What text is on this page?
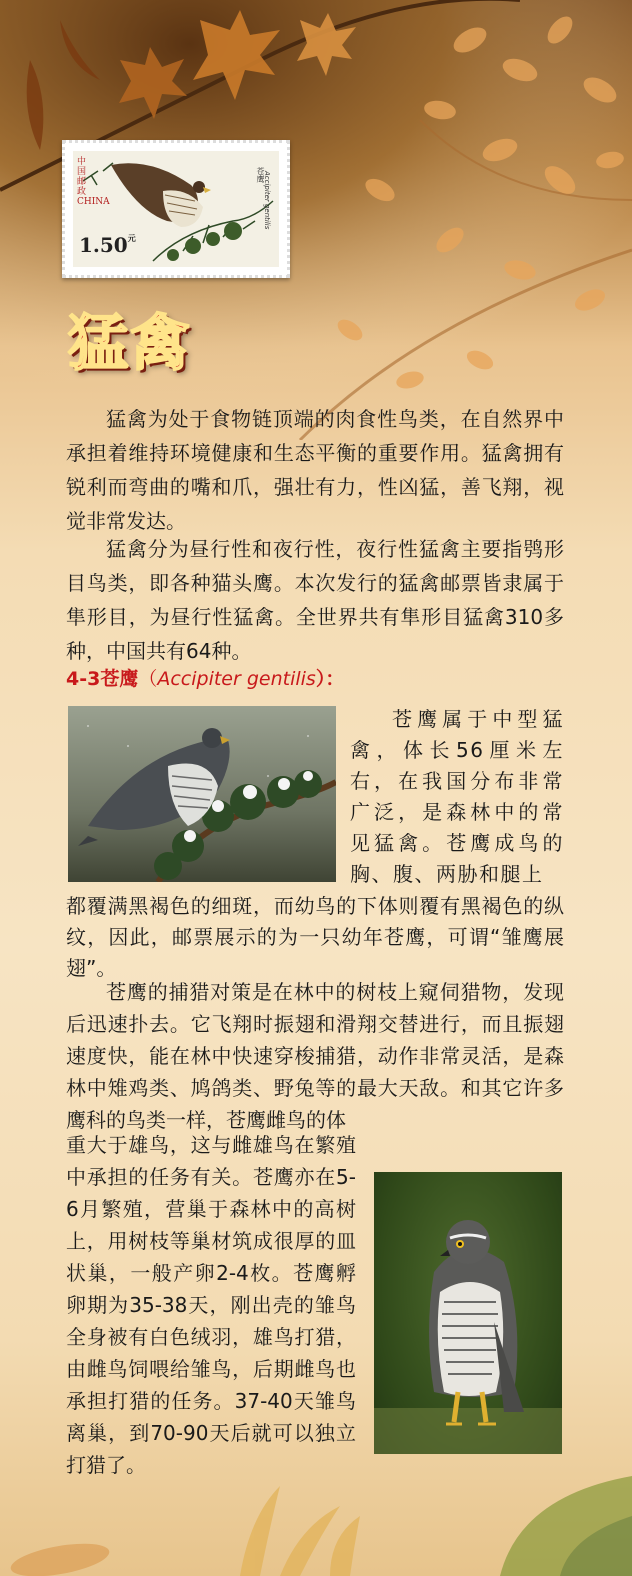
中国邮政CHINA
$1.50^元$
苍鹰
Accipiter gentilis
猛禽

猛禽为处于食物链顶端的肉食性鸟类，在自然界中承担着维持环境健康和生态平衡的重要作用。猛禽拥有锐利而弯曲的嘴和爪，强壮有力，性凶猛，善飞翔，视觉非常发达。

猛禽分为昼行性和夜行性，夜行性猛禽主要指鸮形目鸟类，即各种猫头鹰。本次发行的猛禽邮票皆隶属于隼形目，为昼行性猛禽。全世界共有隼形目猛禽310多种，中国共有64种。

4-3苍鹰（Accipiter gentilis）：

苍鹰属于中型猛禽，体长56厘米左右，在我国分布非常广泛，是森林中的常见猛禽。苍鹰成鸟的胸、腹、两胁和腿上

都覆满黑褐色的细斑，而幼鸟的下体则覆有黑褐色的纵纹，因此，邮票展示的为一只幼年苍鹰，可谓“雏鹰展翅”。

苍鹰的捕猎对策是在林中的树枝上窥伺猎物，发现后迅速扑去。它飞翔时振翅和滑翔交替进行，而且振翅速度快，能在林中快速穿梭捕猎，动作非常灵活，是森林中雉鸡类、鸠鸽类、野兔等的最大天敌。和其它许多鹰科的鸟类一样，苍鹰雌鸟的体

重大于雄鸟，这与雌雄鸟在繁殖中承担的任务有关。苍鹰亦在5-6月繁殖，营巢于森林中的高树上，用树枝等巢材筑成很厚的皿状巢，一般产卵2-4枚。苍鹰孵卵期为35-38天，刚出壳的雏鸟全身被有白色绒羽，雄鸟打猎，由雌鸟饲喂给雏鸟，后期雌鸟也承担打猎的任务。37-40天雏鸟离巢，到70-90天后就可以独立打猎了。
